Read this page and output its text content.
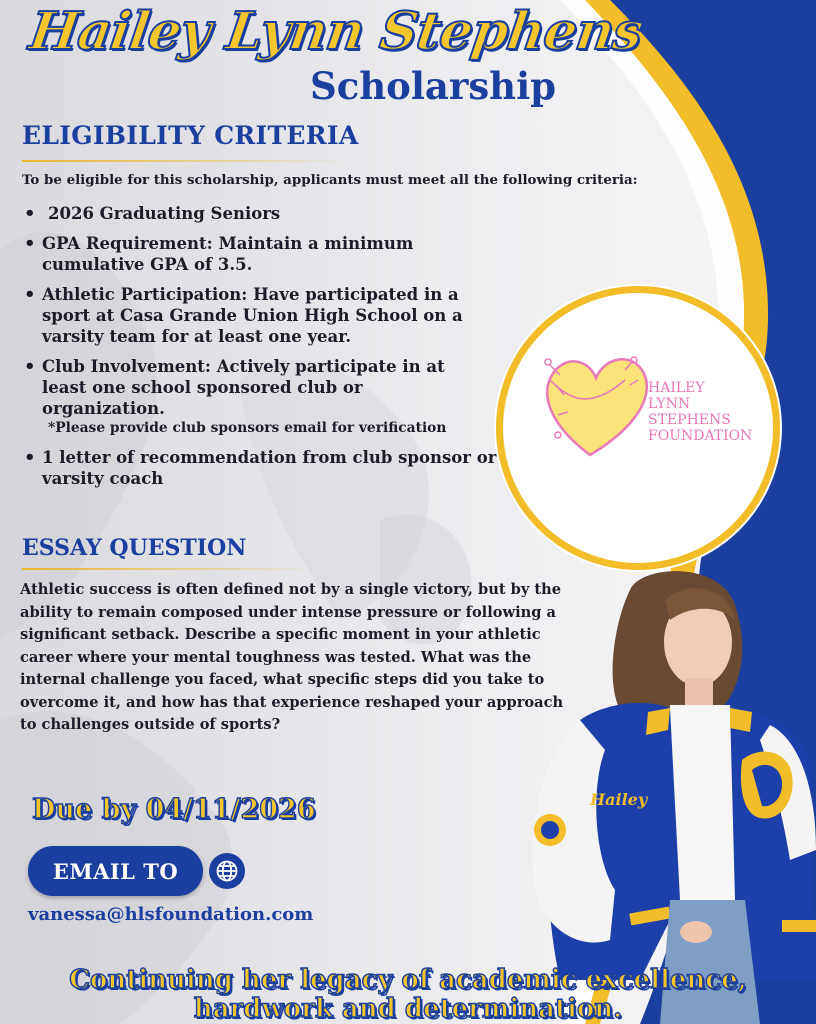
Hailey Lynn Stephens
Scholarship
ELIGIBILITY CRITERIA
To be eligible for this scholarship, applicants must meet all the following criteria:
• 2026 Graduating Seniors
• GPA Requirement: Maintain a minimum cumulative GPA of 3.5.
• Athletic Participation: Have participated in a sport at Casa Grande Union High School on a varsity team for at least one year.
• Club Involvement: Actively participate in at least one school sponsored club or organization.
*Please provide club sponsors email for verification
• 1 letter of recommendation from club sponsor or varsity coach
ESSAY QUESTION
Athletic success is often defined not by a single victory, but by the ability to remain composed under intense pressure or following a significant setback. Describe a specific moment in your athletic career where your mental toughness was tested. What was the internal challenge you faced, what specific steps did you take to overcome it, and how has that experience reshaped your approach to challenges outside of sports?
Due by 04/11/2026
EMAIL TO
vanessa@hlsfoundation.com
HAILEY
LYNN
STEPHENS
FOUNDATION
Hailey
Continuing her legacy of academic excellence, hardwork and determination.
